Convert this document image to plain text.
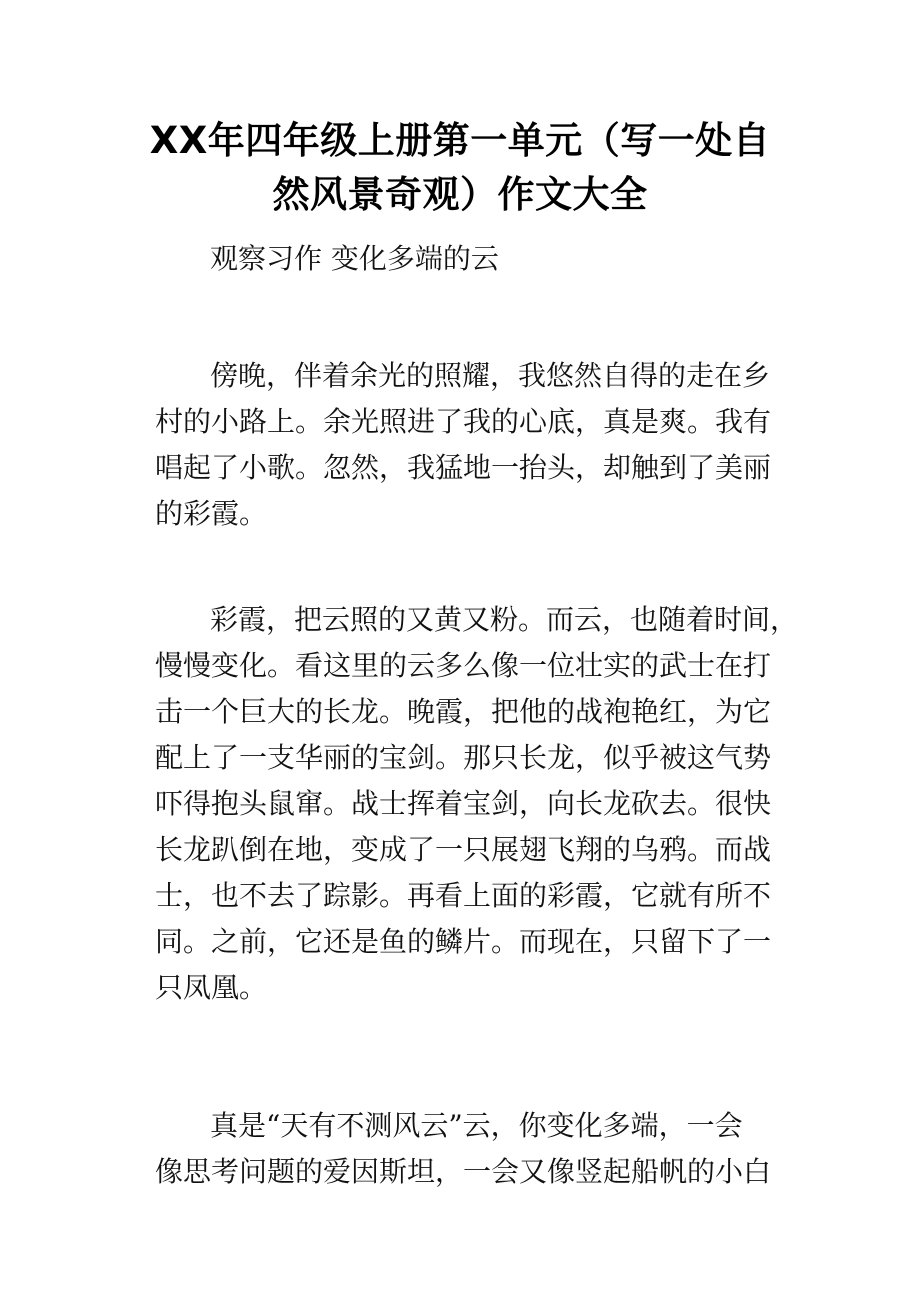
XX年四年级上册第一单元（写一处自
然风景奇观）作文大全
观察习作 变化多端的云
傍晚，伴着余光的照耀，我悠然自得的走在乡
村的小路上。余光照进了我的心底，真是爽。我有
唱起了小歌。忽然，我猛地一抬头，却触到了美丽
的彩霞。
彩霞，把云照的又黄又粉。而云，也随着时间，
慢慢变化。看这里的云多么像一位壮实的武士在打
击一个巨大的长龙。晚霞，把他的战袍艳红，为它
配上了一支华丽的宝剑。那只长龙，似乎被这气势
吓得抱头鼠窜。战士挥着宝剑，向长龙砍去。很快
长龙趴倒在地，变成了一只展翅飞翔的乌鸦。而战
士，也不去了踪影。再看上面的彩霞，它就有所不
同。之前，它还是鱼的鳞片。而现在，只留下了一
只凤凰。
真是“天有不测风云”云，你变化多端，一会
像思考问题的爱因斯坦，一会又像竖起船帆的小白
